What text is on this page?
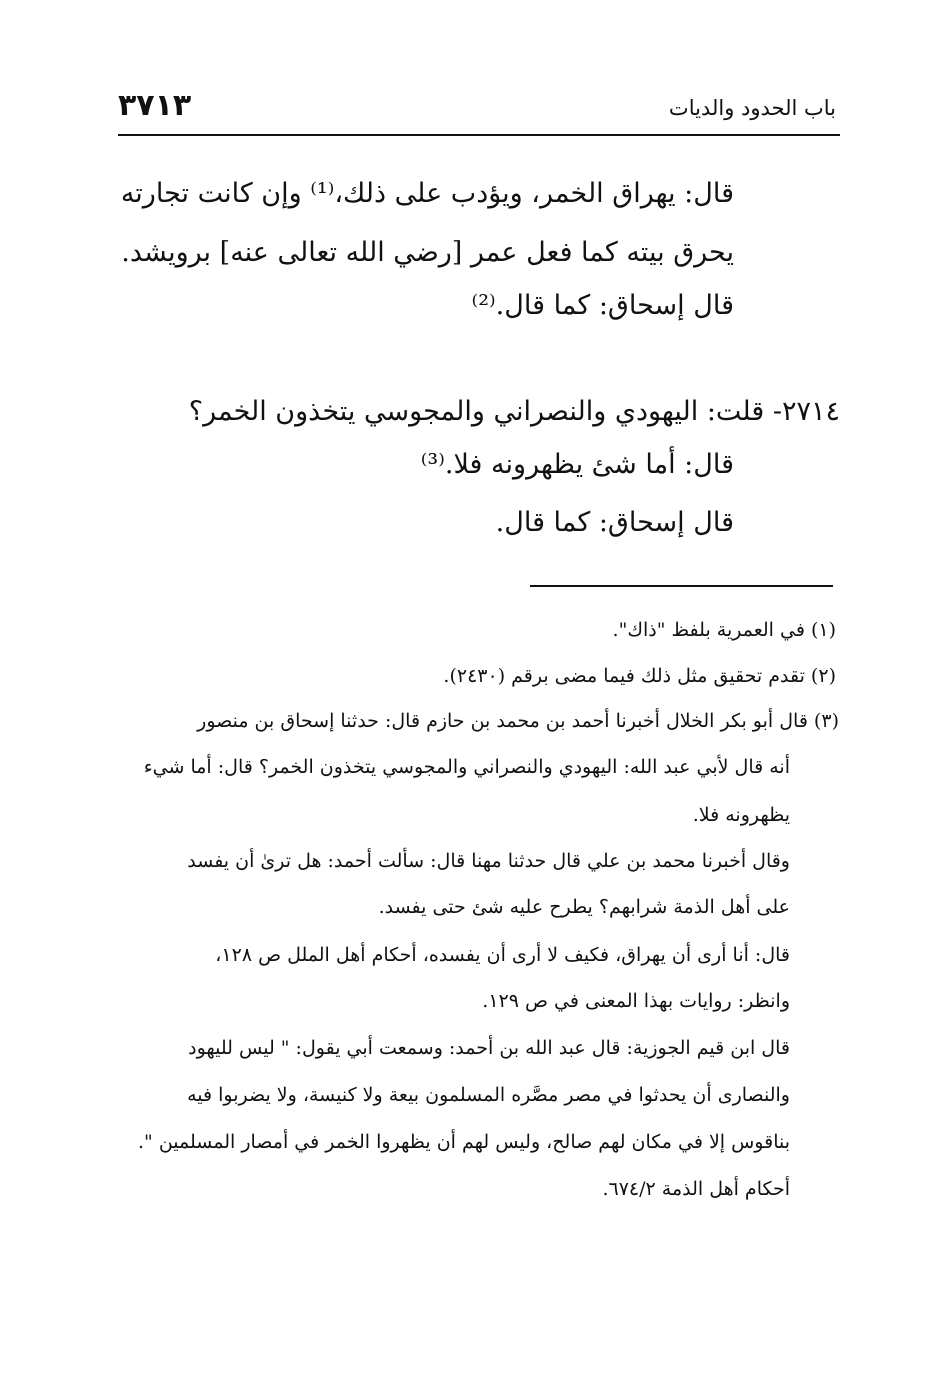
٣٧١٣	باب الحدود والديات
قال: يهراق الخمر، ويؤدب على ذلك،⁽¹⁾ وإن كانت تجارته
يحرق بيته كما فعل عمر [رضي الله تعالى عنه] برويشد.
قال إسحاق: كما قال.⁽²⁾
٢٧١٤- قلت: اليهودي والنصراني والمجوسي يتخذون الخمر؟
قال: أما شئ يظهرونه فلا.⁽³⁾
قال إسحاق: كما قال.
(١) في العمرية بلفظ "ذاك".
(٢) تقدم تحقيق مثل ذلك فيما مضى برقم (٢٤٣٠).
(٣) قال أبو بكر الخلال أخبرنا أحمد بن محمد بن حازم قال: حدثنا إسحاق بن منصور
أنه قال لأبي عبد الله: اليهودي والنصراني والمجوسي يتخذون الخمر؟ قال: أما شيء
يظهرونه فلا.
وقال أخبرنا محمد بن علي قال حدثنا مهنا قال: سألت أحمد: هل ترىٰ أن يفسد
على أهل الذمة شرابهم؟ يطرح عليه شئ حتى يفسد.
قال: أنا أرى أن يهراق، فكيف لا أرى أن يفسده، أحكام أهل الملل ص ١٢٨،
وانظر: روايات بهذا المعنى في ص ١٢٩.
قال ابن قيم الجوزية: قال عبد الله بن أحمد: وسمعت أبي يقول: " ليس لليهود
والنصارى أن يحدثوا في مصر مصَّره المسلمون بيعة ولا كنيسة، ولا يضربوا فيه
بناقوس إلا في مكان لهم صالح، وليس لهم أن يظهروا الخمر في أمصار المسلمين ".
أحكام أهل الذمة ٦٧٤/٢.
